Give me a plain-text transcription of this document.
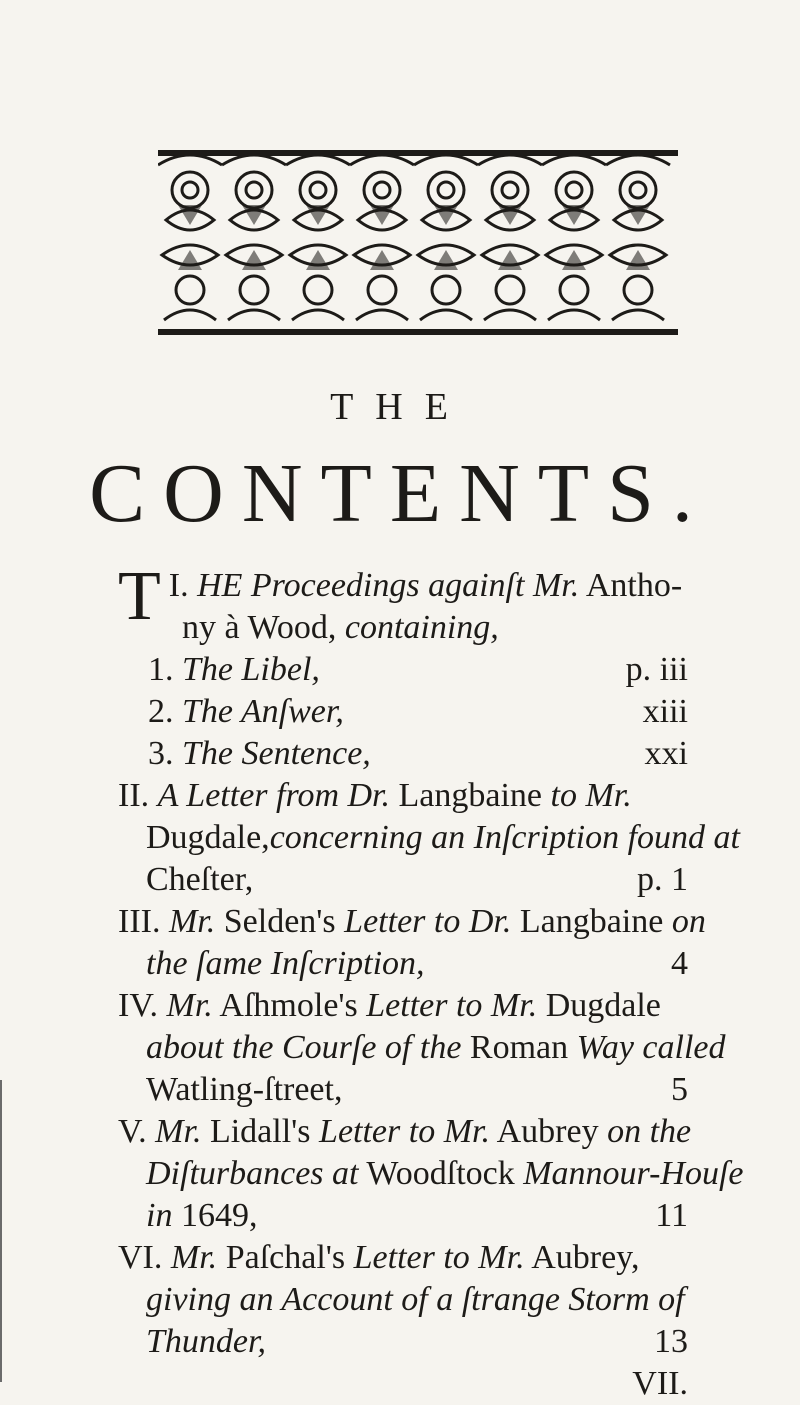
THE
CONTENTS.
I.
T HE Proceedings againſt Mr. Antho-
ny à Wood, containing,
1. The Libel,	p. iii
2. The Anſwer,	xiii
3. The Sentence,	xxi
II. A Letter from Dr. Langbaine to Mr.
Dugdale,concerning an Inſcription found at
Cheſter,	p. 1
III. Mr. Selden's Letter to Dr. Langbaine on
the ſame Inſcription,	4
IV. Mr. Aſhmole's Letter to Mr. Dugdale
about the Courſe of the Roman Way called
Watling-ſtreet,	5
V. Mr. Lidall's Letter to Mr. Aubrey on the
Diſturbances at Woodſtock Mannour-Houſe
in 1649,	11
VI. Mr. Paſchal's Letter to Mr. Aubrey,
giving an Account of a ſtrange Storm of
Thunder,	13
VII.
